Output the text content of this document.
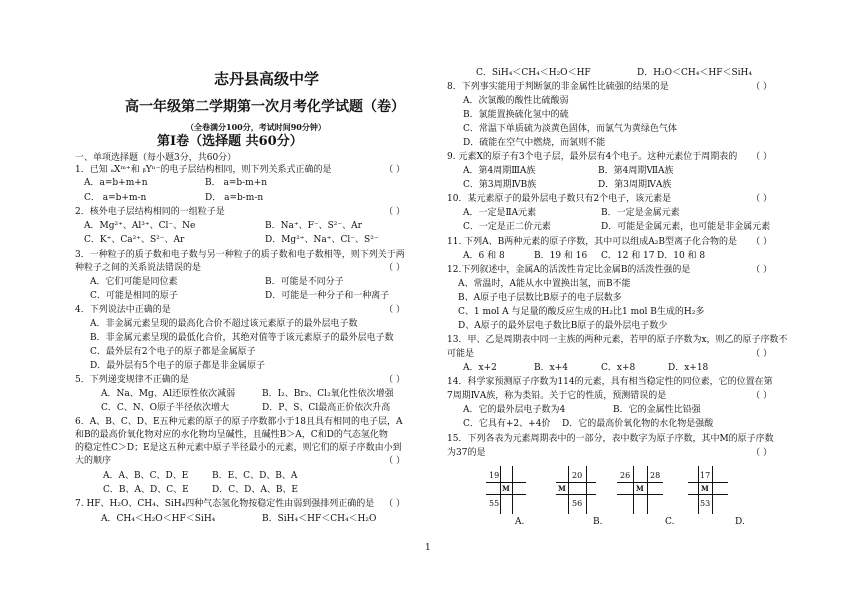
志丹县高级中学
高一年级第二学期第一次月考化学试题（卷）
（全卷满分100分，考试时间90分钟）
第Ⅰ卷（选择题 共60分）
一、单项选择题（每小题3分，共60分）
1．已知 ₐXᵐ⁺和 ᵦYⁿ⁻的电子层结构相同，则下列关系式正确的是	（ ）
A．a=b+m+n	B． a=b-m+n
C． a=b+m-n	D． a=b-m-n
2．核外电子层结构相同的一组粒子是	（ ）
A．Mg²⁺、Al³⁺、Cl⁻、Ne	B．Na⁺、F⁻、S²⁻、Ar
C．K⁺、Ca²⁺、S²⁻、Ar	D．Mg²⁺、Na⁺、Cl⁻、S²⁻
3．一种粒子的质子数和电子数与另一种粒子的质子数和电子数相等，则下列关于两
种粒子之间的关系说法错误的是	（ ）
A．它们可能是同位素	B．可能是不同分子
C．可能是相同的原子	D．可能是一种分子和一种离子
4．下列说法中正确的是	（ ）
A．非金属元素呈现的最高化合价不超过该元素原子的最外层电子数
B．非金属元素呈现的最低化合价，其绝对值等于该元素原子的最外层电子数
C．最外层有2个电子的原子都是金属原子
D．最外层有5个电子的原子都是非金属原子
5．下列递变规律不正确的是	（ ）
A．Na、Mg、Al还原性依次减弱	B．I₂、Br₂、Cl₂氧化性依次增强
C．C、N、O原子半径依次增大	D．P、S、Cl最高正价依次升高
6．A、B、C、D、E五种元素的原子的原子序数都小于18且具有相同的电子层，A
和B的最高价氧化物对应的水化物均呈碱性，且碱性B＞A，C和D的气态氢化物
的稳定性C＞D；E是这五种元素中原子半径最小的元素，则它们的原子序数由小到
大的顺序	（ ）
A．A、B、C、D、E	B．E、C、D、B、A
C．B、A、D、C、E	D．C、D、A、B、E
7. HF、H₂O、CH₄、SiH₄四种气态氢化物按稳定性由弱到强排列正确的是 （ ）
A．CH₄＜H₂O＜HF＜SiH₄	B．SiH₄＜HF＜CH₄＜H₂O
C．SiH₄＜CH₄＜H₂O＜HF	D．H₂O＜CH₄＜HF＜SiH₄
8．下列事实能用于判断氯的非金属性比硫强的结果的是	（ ）
A．次氯酸的酸性比硫酸弱
B．氯能置换硫化氢中的硫
C．常温下单质硫为淡黄色固体，而氯气为黄绿色气体
D．硫能在空气中燃烧，而氯则不能
9. 元素X的原子有3个电子层，最外层有4个电子。这种元素位于周期表的 （ ）
A．第4周期ⅢA族	B．第4周期ⅦA族
C．第3周期ⅣB族	D．第3周期ⅣA族
10．某元素原子的最外层电子数只有2个电子，该元素是	（ ）
A．一定是ⅡA元素	B．一定是金属元素
C．一定是正二价元素	D．可能是金属元素，也可能是非金属元素
11. 下列A、B两种元素的原子序数，其中可以组成A₂B型离子化合物的是 （ ）
A．6 和 8	B．19 和 16 C．12 和 17 D．10 和 8
12.下列叙述中，金属A的活泼性肯定比金属B的活泼性强的是	（ ）
A、常温时，A能从水中置换出氢，而B不能
B、A原子电子层数比B原子的电子层数多
C、1 mol A 与足量的酸反应生成的H₂比1 mol B生成的H₂多
D、A原子的最外层电子数比B原子的最外层电子数少
13．甲、乙是周期表中同一主族的两种元素，若甲的原子序数为x，则乙的原子序数不
可能是	（ ）
A．x+2	B．x+4	C．x+8	D．x+18
14．科学家预测原子序数为114的元素，具有相当稳定性的同位素，它的位置在第
7周期ⅣA族，称为类铅。关于它的性质，预测错误的是	（ ）
A．它的最外层电子数为4	B．它的金属性比铅强
C．它具有+2、+4价 D．它的最高价氧化物的水化物是强酸
15．下列各表为元素周期表中的一部分，表中数字为原子序数，其中M的原子序数
为37的是	（ ）
19
M
55
A.
20
M
56
B.
26 28
M
C.
17
M
53
D.
1
